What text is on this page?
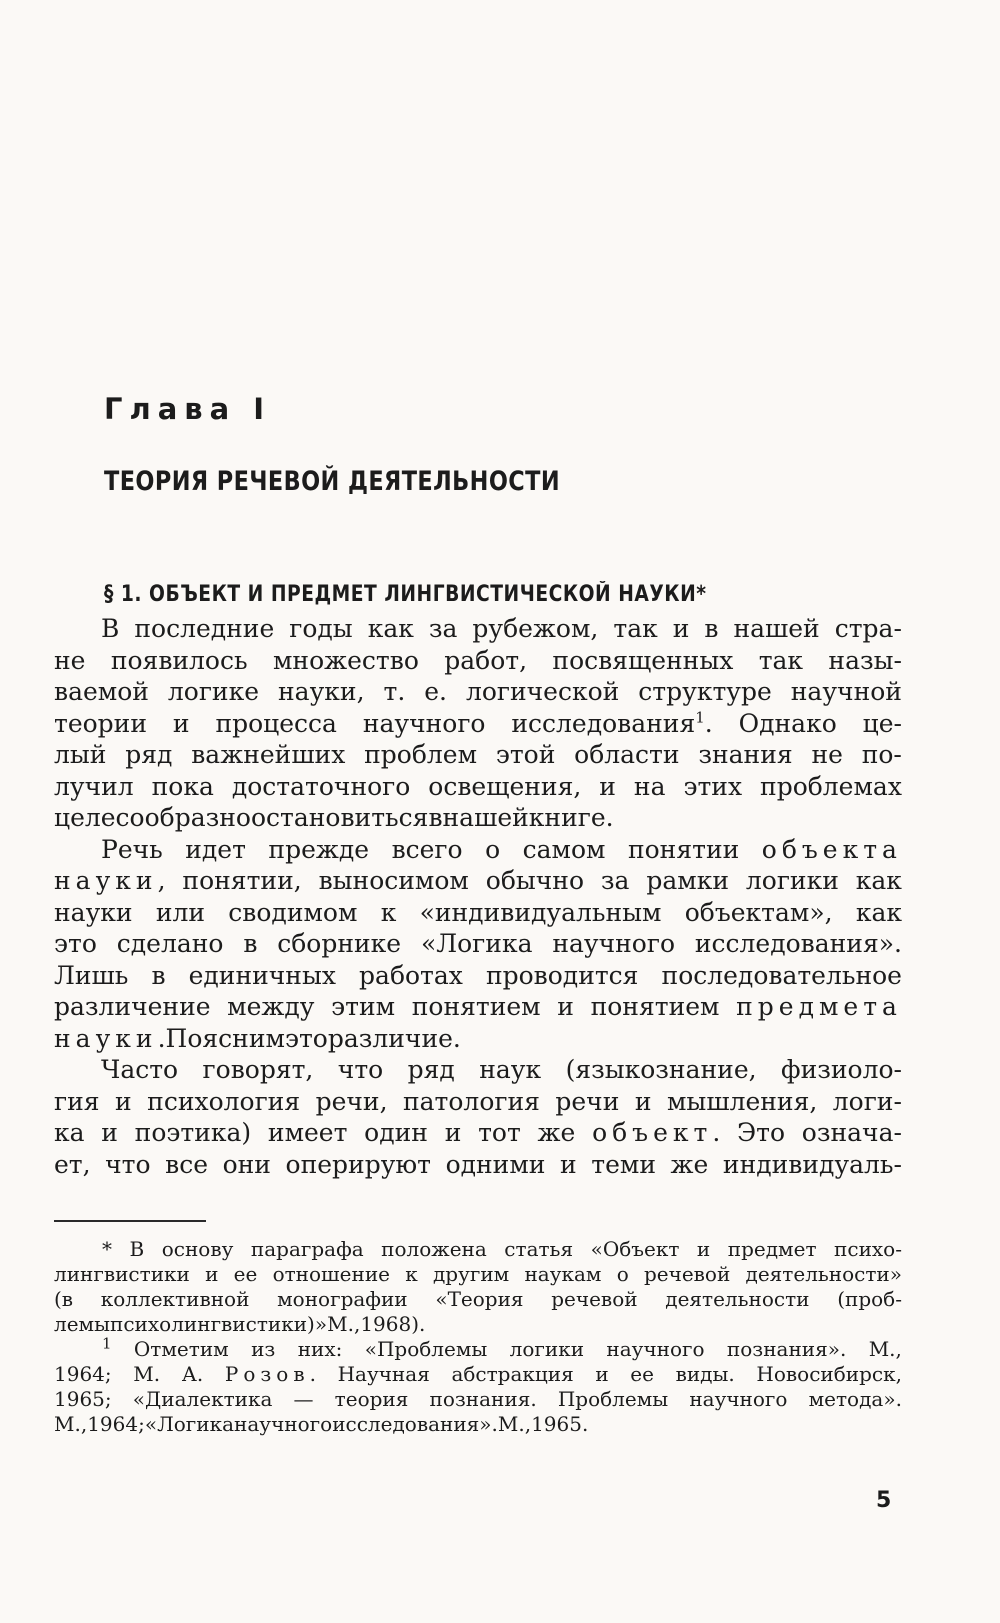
Глава I
ТЕОРИЯ РЕЧЕВОЙ ДЕЯТЕЛЬНОСТИ
§ 1. ОБЪЕКТ И ПРЕДМЕТ ЛИНГВИСТИЧЕСКОЙ НАУКИ*
В последние годы как за рубежом, так и в нашей стра-
не появилось множество работ, посвященных так назы-
ваемой логике науки, т. е. логической структуре научной
теории и процесса научного исследования$^1$. Однако це-
лый ряд важнейших проблем этой области знания не по-
лучил пока достаточного освещения, и на этих проблемах
целесообразно остановиться в нашей книге.
Речь идет прежде всего о самом понятии объекта
науки, понятии, выносимом обычно за рамки логики как
науки или сводимом к «индивидуальным объектам», как
это сделано в сборнике «Логика научного исследования».
Лишь в единичных работах проводится последовательное
различение между этим понятием и понятием предмета
науки. Поясним это различие.
Часто говорят, что ряд наук (языкознание, физиоло-
гия и психология речи, патология речи и мышления, логи-
ка и поэтика) имеет один и тот же объект. Это означа-
ет, что все они оперируют одними и теми же индивидуаль-
* В основу параграфа положена статья «Объект и предмет психо-
лингвистики и ее отношение к другим наукам о речевой деятельности»
(в коллективной монографии «Теория речевой деятельности (проб-
лемы психолингвистики)» М., 1968).
$^1$ Отметим из них: «Проблемы логики научного познания». М.,
1964; М. А. Розов. Научная абстракция и ее виды. Новосибирск,
1965; «Диалектика — теория познания. Проблемы научного метода».
М., 1964; «Логика научного исследования». М., 1965.
5
